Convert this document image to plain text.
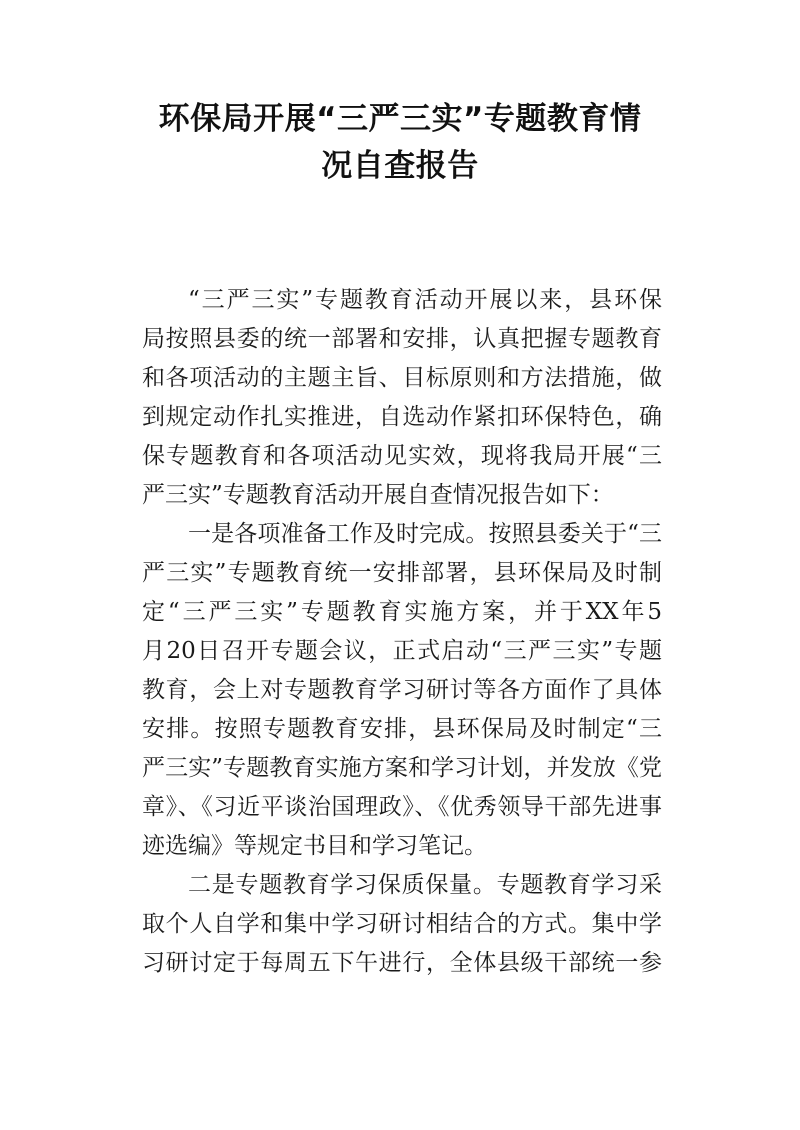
环保局开展“三严三实”专题教育情
况自查报告
“三严三实”专题教育活动开展以来，县环保
局按照县委的统一部署和安排，认真把握专题教育
和各项活动的主题主旨、目标原则和方法措施，做
到规定动作扎实推进，自选动作紧扣环保特色，确
保专题教育和各项活动见实效，现将我局开展“三
严三实”专题教育活动开展自查情况报告如下：
一是各项准备工作及时完成。按照县委关于“三
严三实”专题教育统一安排部署，县环保局及时制
定“三严三实”专题教育实施方案，并于XX年5
月20日召开专题会议，正式启动“三严三实”专题
教育，会上对专题教育学习研讨等各方面作了具体
安排。按照专题教育安排，县环保局及时制定“三
严三实”专题教育实施方案和学习计划，并发放《党
章》、《习近平谈治国理政》、《优秀领导干部先进事
迹选编》等规定书目和学习笔记。
二是专题教育学习保质保量。专题教育学习采
取个人自学和集中学习研讨相结合的方式。集中学
习研讨定于每周五下午进行，全体县级干部统一参
